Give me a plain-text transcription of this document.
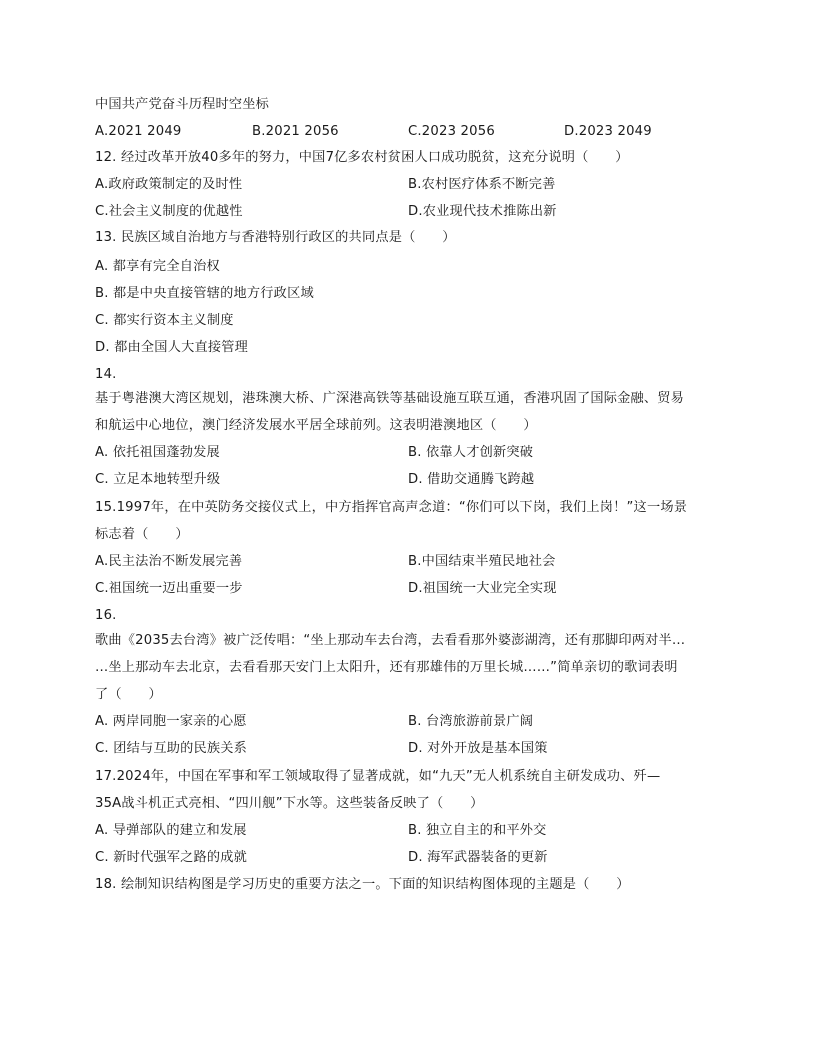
中国共产党奋斗历程时空坐标
A.2021 2049	B.2021 2056	C.2023 2056	D.2023 2049
12. 经过改革开放40多年的努力，中国7亿多农村贫困人口成功脱贫，这充分说明（　　）
A.政府政策制定的及时性	B.农村医疗体系不断完善
C.社会主义制度的优越性	D.农业现代技术推陈出新
13. 民族区域自治地方与香港特别行政区的共同点是（　　）
A. 都享有完全自治权
B. 都是中央直接管辖的地方行政区域
C. 都实行资本主义制度
D. 都由全国人大直接管理
14.
基于粤港澳大湾区规划，港珠澳大桥、广深港高铁等基础设施互联互通，香港巩固了国际金融、贸易
和航运中心地位，澳门经济发展水平居全球前列。这表明港澳地区（　　）
A. 依托祖国蓬勃发展	B. 依靠人才创新突破
C. 立足本地转型升级	D. 借助交通腾飞跨越
15.1997年，在中英防务交接仪式上，中方指挥官高声念道：“你们可以下岗，我们上岗！”这一场景
标志着（　　）
A.民主法治不断发展完善	B.中国结束半殖民地社会
C.祖国统一迈出重要一步	D.祖国统一大业完全实现
16.
歌曲《2035去台湾》被广泛传唱：“坐上那动车去台湾，去看看那外婆澎湖湾，还有那脚印两对半…
…坐上那动车去北京，去看看那天安门上太阳升，还有那雄伟的万里长城……”简单亲切的歌词表明
了（　　）
A. 两岸同胞一家亲的心愿	B. 台湾旅游前景广阔
C. 团结与互助的民族关系	D. 对外开放是基本国策
17.2024年，中国在军事和军工领域取得了显著成就，如“九天”无人机系统自主研发成功、歼—
35A战斗机正式亮相、“四川舰”下水等。这些装备反映了（　　）
A. 导弹部队的建立和发展	B. 独立自主的和平外交
C. 新时代强军之路的成就	D. 海军武器装备的更新
18. 绘制知识结构图是学习历史的重要方法之一。下面的知识结构图体现的主题是（　　）
